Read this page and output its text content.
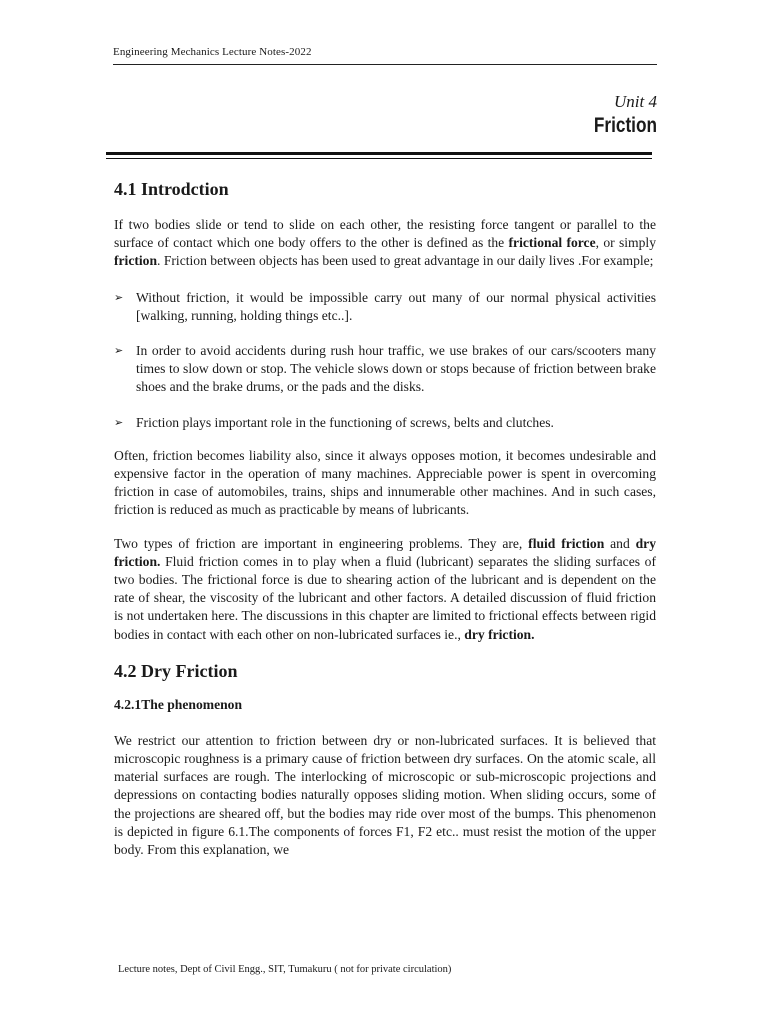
Engineering Mechanics Lecture Notes-2022
Unit 4
Friction
4.1 Introdction

If two bodies slide or tend to slide on each other, the resisting force tangent or parallel to the surface of contact which one body offers to the other is defined as the frictional force, or simply friction. Friction between objects has been used to great advantage in our daily lives .For example;

➢ Without friction, it would be impossible carry out many of our normal physical activities [walking, running, holding things etc..].
➢ In order to avoid accidents during rush hour traffic, we use brakes of our cars/scooters many times to slow down or stop. The vehicle slows down or stops because of friction between brake shoes and the brake drums, or the pads and the disks.
➢ Friction plays important role in the functioning of screws, belts and clutches.

Often, friction becomes liability also, since it always opposes motion, it becomes undesirable and expensive factor in the operation of many machines. Appreciable power is spent in overcoming friction in case of automobiles, trains, ships and innumerable other machines. And in such cases, friction is reduced as much as practicable by means of lubricants.

Two types of friction are important in engineering problems. They are, fluid friction and dry friction. Fluid friction comes in to play when a fluid (lubricant) separates the sliding surfaces of two bodies. The frictional force is due to shearing action of the lubricant and is dependent on the rate of shear, the viscosity of the lubricant and other factors. A detailed discussion of fluid friction is not undertaken here. The discussions in this chapter are limited to frictional effects between rigid bodies in contact with each other on non-lubricated surfaces ie., dry friction.

4.2 Dry Friction
4.2.1The phenomenon

We restrict our attention to friction between dry or non-lubricated surfaces. It is believed that microscopic roughness is a primary cause of friction between dry surfaces. On the atomic scale, all material surfaces are rough. The interlocking of microscopic or sub-microscopic projections and depressions on contacting bodies naturally opposes sliding motion. When sliding occurs, some of the projections are sheared off, but the bodies may ride over most of the bumps. This phenomenon is depicted in figure 6.1.The components of forces F1, F2 etc.. must resist the motion of the upper body. From this explanation, we

Lecture notes, Dept of Civil Engg., SIT, Tumakuru ( not for private circulation)
